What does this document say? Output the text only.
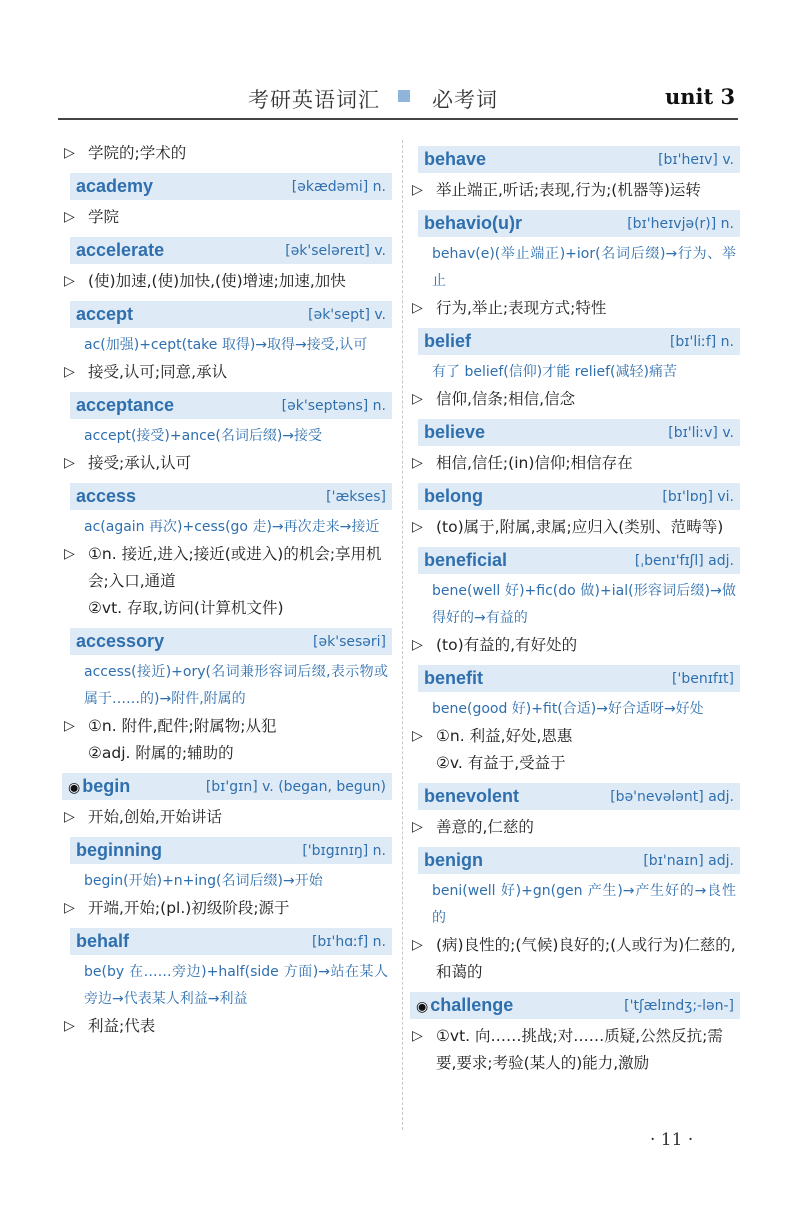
考研英语词汇 必考词	unit 3
▷ 学院的;学术的
academy	[əkædəmi] n.
▷ 学院
accelerate	[ək'seləreɪt] v.
▷ (使)加速,(使)加快,(使)增速;加速,加快
accept	[ək'sept] v.
ac(加强)+cept(take 取得)→取得→接受,认可
▷ 接受,认可;同意,承认
acceptance	[ək'septəns] n.
accept(接受)+ance(名词后缀)→接受
▷ 接受;承认,认可
access	['ækses]
ac(again 再次)+cess(go 走)→再次走来→接近
▷ ①n. 接近,进入;接近(或进入)的机会;享用机会;入口,通道
②vt. 存取,访问(计算机文件)
accessory	[ək'sesəri]
access(接近)+ory(名词兼形容词后缀,表示物或属于……的)→附件,附属的
▷ ①n. 附件,配件;附属物;从犯
②adj. 附属的;辅助的
◉ begin	[bɪ'gɪn] v. (began, begun)
▷ 开始,创始,开始讲话
beginning	['bɪgɪnɪŋ] n.
begin(开始)+n+ing(名词后缀)→开始
▷ 开端,开始;(pl.)初级阶段;源于
behalf	[bɪ'hɑːf] n.
be(by 在……旁边)+half(side 方面)→站在某人旁边→代表某人利益→利益
▷ 利益;代表
behave	[bɪ'heɪv] v.
▷ 举止端正,听话;表现,行为;(机器等)运转
behavio(u)r	[bɪ'heɪvjə(r)] n.
behav(e)(举止端正)+ior(名词后缀)→行为、举止
▷ 行为,举止;表现方式;特性
belief	[bɪ'liːf] n.
有了 belief(信仰)才能 relief(减轻)痛苦
▷ 信仰,信条;相信,信念
believe	[bɪ'liːv] v.
▷ 相信,信任;(in)信仰;相信存在
belong	[bɪ'lɒŋ] vi.
▷ (to)属于,附属,隶属;应归入(类别、范畴等)
beneficial	[ˌbenɪ'fɪʃl] adj.
bene(well 好)+fic(do 做)+ial(形容词后缀)→做得好的→有益的
▷ (to)有益的,有好处的
benefit	['benɪfɪt]
bene(good 好)+fit(合适)→好合适呀→好处
▷ ①n. 利益,好处,恩惠
②v. 有益于,受益于
benevolent	[bə'nevələnt] adj.
▷ 善意的,仁慈的
benign	[bɪ'naɪn] adj.
beni(well 好)+gn(gen 产生)→产生好的→良性的
▷ (病)良性的;(气候)良好的;(人或行为)仁慈的,和蔼的
◉ challenge	['tʃælɪndʒ;-lən-]
▷ ①vt. 向……挑战;对……质疑,公然反抗;需要,要求;考验(某人的)能力,激励
· 11 ·
